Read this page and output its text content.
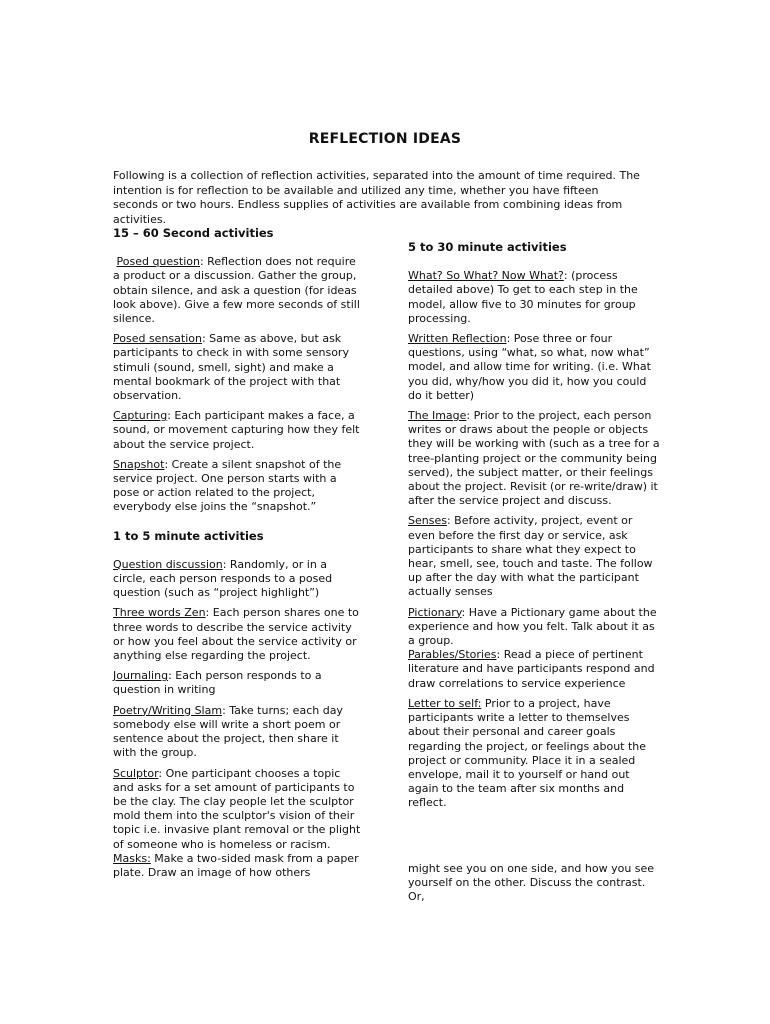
REFLECTION IDEAS

Following is a collection of reflection activities, separated into the amount of time required. The intention is for reflection to be available and utilized any time, whether you have fifteen seconds or two hours. Endless supplies of activities are available from combining ideas from activities.

15 – 60 Second activities

Posed question: Reflection does not require a product or a discussion. Gather the group, obtain silence, and ask a question (for ideas look above). Give a few more seconds of still silence.

Posed sensation: Same as above, but ask participants to check in with some sensory stimuli (sound, smell, sight) and make a mental bookmark of the project with that observation.

Capturing: Each participant makes a face, a sound, or movement capturing how they felt about the service project.

Snapshot: Create a silent snapshot of the service project. One person starts with a pose or action related to the project, everybody else joins the “snapshot.”

1 to 5 minute activities

Question discussion: Randomly, or in a circle, each person responds to a posed question (such as “project highlight”)

Three words Zen: Each person shares one to three words to describe the service activity or how you feel about the service activity or anything else regarding the project.

Journaling: Each person responds to a question in writing

Poetry/Writing Slam: Take turns; each day somebody else will write a short poem or sentence about the project, then share it with the group.

Sculptor: One participant chooses a topic and asks for a set amount of participants to be the clay. The clay people let the sculptor mold them into the sculptor's vision of their topic i.e. invasive plant removal or the plight of someone who is homeless or racism.

Masks: Make a two-sided mask from a paper plate. Draw an image of how others

5 to 30 minute activities

What? So What? Now What?: (process detailed above) To get to each step in the model, allow five to 30 minutes for group processing.

Written Reflection: Pose three or four questions, using “what, so what, now what” model, and allow time for writing. (i.e. What you did, why/how you did it, how you could do it better)

The Image: Prior to the project, each person writes or draws about the people or objects they will be working with (such as a tree for a tree-planting project or the community being served), the subject matter, or their feelings about the project. Revisit (or re-write/draw) it after the service project and discuss.

Senses: Before activity, project, event or even before the first day or service, ask participants to share what they expect to hear, smell, see, touch and taste. The follow up after the day with what the participant actually senses

Pictionary: Have a Pictionary game about the experience and how you felt. Talk about it as a group.

Parables/Stories: Read a piece of pertinent literature and have participants respond and draw correlations to service experience

Letter to self: Prior to a project, have participants write a letter to themselves about their personal and career goals regarding the project, or feelings about the project or community. Place it in a sealed envelope, mail it to yourself or hand out again to the team after six months and reflect.

might see you on one side, and how you see yourself on the other. Discuss the contrast. Or,
